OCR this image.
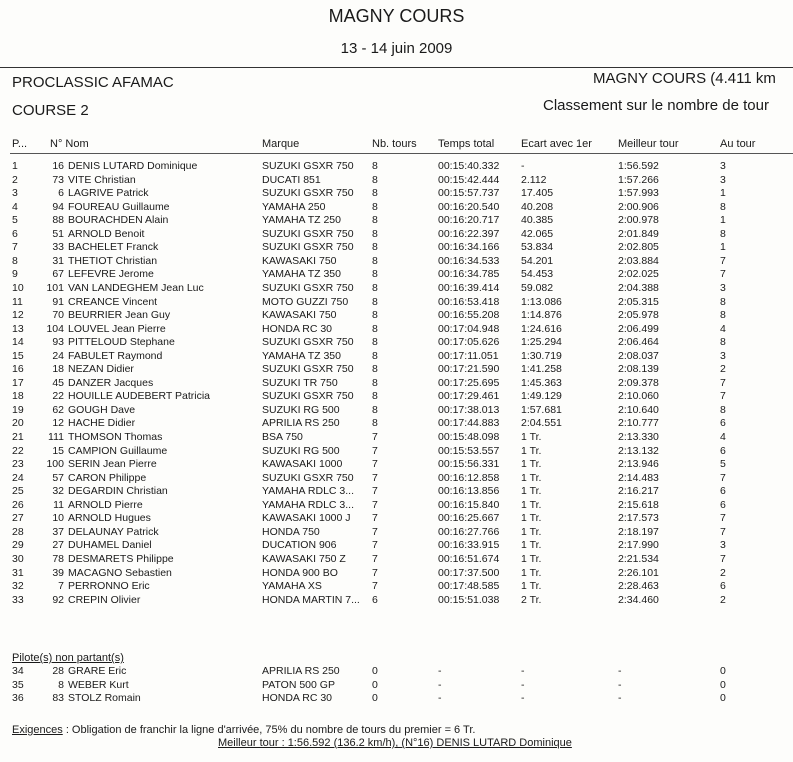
MAGNY COURS
13 - 14 juin 2009
PROCLASSIC AFAMAC
COURSE 2
MAGNY COURS (4.411 km
Classement sur le nombre de tour
P... N° Nom	Marque	Nb. tours Temps total Ecart avec 1er Meilleur tour	Au tour
1	16 DENIS LUTARD Dominique	SUZUKI GSXR 750	8	00:15:40.332 -	1:56.592	3
2	73 VITE Christian	DUCATI 851	8	00:15:42.444 2.112	1:57.266	3
3	6 LAGRIVE Patrick	SUZUKI GSXR 750	8	00:15:57.737 17.405	1:57.993	1
4	94 FOUREAU Guillaume	YAMAHA 250	8	00:16:20.540 40.208	2:00.906	8
5	88 BOURACHDEN Alain	YAMAHA TZ 250	8	00:16:20.717 40.385	2:00.978	1
6	51 ARNOLD Benoit	SUZUKI GSXR 750	8	00:16:22.397 42.065	2:01.849	8
7	33 BACHELET Franck	SUZUKI GSXR 750	8	00:16:34.166 53.834	2:02.805	1
8	31 THETIOT Christian	KAWASAKI 750	8	00:16:34.533 54.201	2:03.884	7
9	67 LEFEVRE Jerome	YAMAHA TZ 350	8	00:16:34.785 54.453	2:02.025	7
10	101 VAN LANDEGHEM Jean Luc	SUZUKI GSXR 750	8	00:16:39.414 59.082	2:04.388	3
11	91 CREANCE Vincent	MOTO GUZZI 750	8	00:16:53.418 1:13.086	2:05.315	8
12	70 BEURRIER Jean Guy	KAWASAKI 750	8	00:16:55.208 1:14.876	2:05.978	8
13	104 LOUVEL Jean Pierre	HONDA RC 30	8	00:17:04.948 1:24.616	2:06.499	4
14	93 PITTELOUD Stephane	SUZUKI GSXR 750	8	00:17:05.626 1:25.294	2:06.464	8
15	24 FABULET Raymond	YAMAHA TZ 350	8	00:17:11.051 1:30.719	2:08.037	3
16	18 NEZAN Didier	SUZUKI GSXR 750	8	00:17:21.590 1:41.258	2:08.139	2
17	45 DANZER Jacques	SUZUKI TR 750	8	00:17:25.695 1:45.363	2:09.378	7
18	22 HOUILLE AUDEBERT Patricia	SUZUKI GSXR 750	8	00:17:29.461 1:49.129	2:10.060	7
19	62 GOUGH Dave	SUZUKI RG 500	8	00:17:38.013 1:57.681	2:10.640	8
20	12 HACHE Didier	APRILIA RS 250	8	00:17:44.883 2:04.551	2:10.777	6
21	111 THOMSON Thomas	BSA 750	7	00:15:48.098 1 Tr.	2:13.330	4
22	15 CAMPION Guillaume	SUZUKI RG 500	7	00:15:53.557 1 Tr.	2:13.132	6
23	100 SERIN Jean Pierre	KAWASAKI 1000	7	00:15:56.331 1 Tr.	2:13.946	5
24	57 CARON Philippe	SUZUKI GSXR 750	7	00:16:12.858 1 Tr.	2:14.483	7
25	32 DEGARDIN Christian	YAMAHA RDLC 3...	7	00:16:13.856 1 Tr.	2:16.217	6
26	11 ARNOLD Pierre	YAMAHA RDLC 3...	7	00:16:15.840 1 Tr.	2:15.618	6
27	10 ARNOLD Hugues	KAWASAKI 1000 J	7	00:16:25.667 1 Tr.	2:17.573	7
28	37 DELAUNAY Patrick	HONDA 750	7	00:16:27.766 1 Tr.	2:18.197	7
29	27 DUHAMEL Daniel	DUCATION 906	7	00:16:33.915 1 Tr.	2:17.990	3
30	78 DESMARETS Philippe	KAWASAKI 750 Z	7	00:16:51.674 1 Tr.	2:21.534	7
31	39 MACAGNO Sebastien	HONDA 900 BO	7	00:17:37.500 1 Tr.	2:26.101	2
32	7 PERRONNO Eric	YAMAHA XS	7	00:17:48.585 1 Tr.	2:28.463	6
33	92 CREPIN Olivier	HONDA MARTIN 7...	6	00:15:51.038 2 Tr.	2:34.460	2
Pilote(s) non partant(s)
34	28 GRARE Eric	APRILIA RS 250	0	-	-	-	0
35	8 WEBER Kurt	PATON 500 GP	0	-	-	-	0
36	83 STOLZ Romain	HONDA RC 30	0	-	-	-	0
Exigences : Obligation de franchir la ligne d'arrivée, 75% du nombre de tours du premier = 6 Tr.
Meilleur tour : 1:56.592 (136.2 km/h), (N°16) DENIS LUTARD Dominique
